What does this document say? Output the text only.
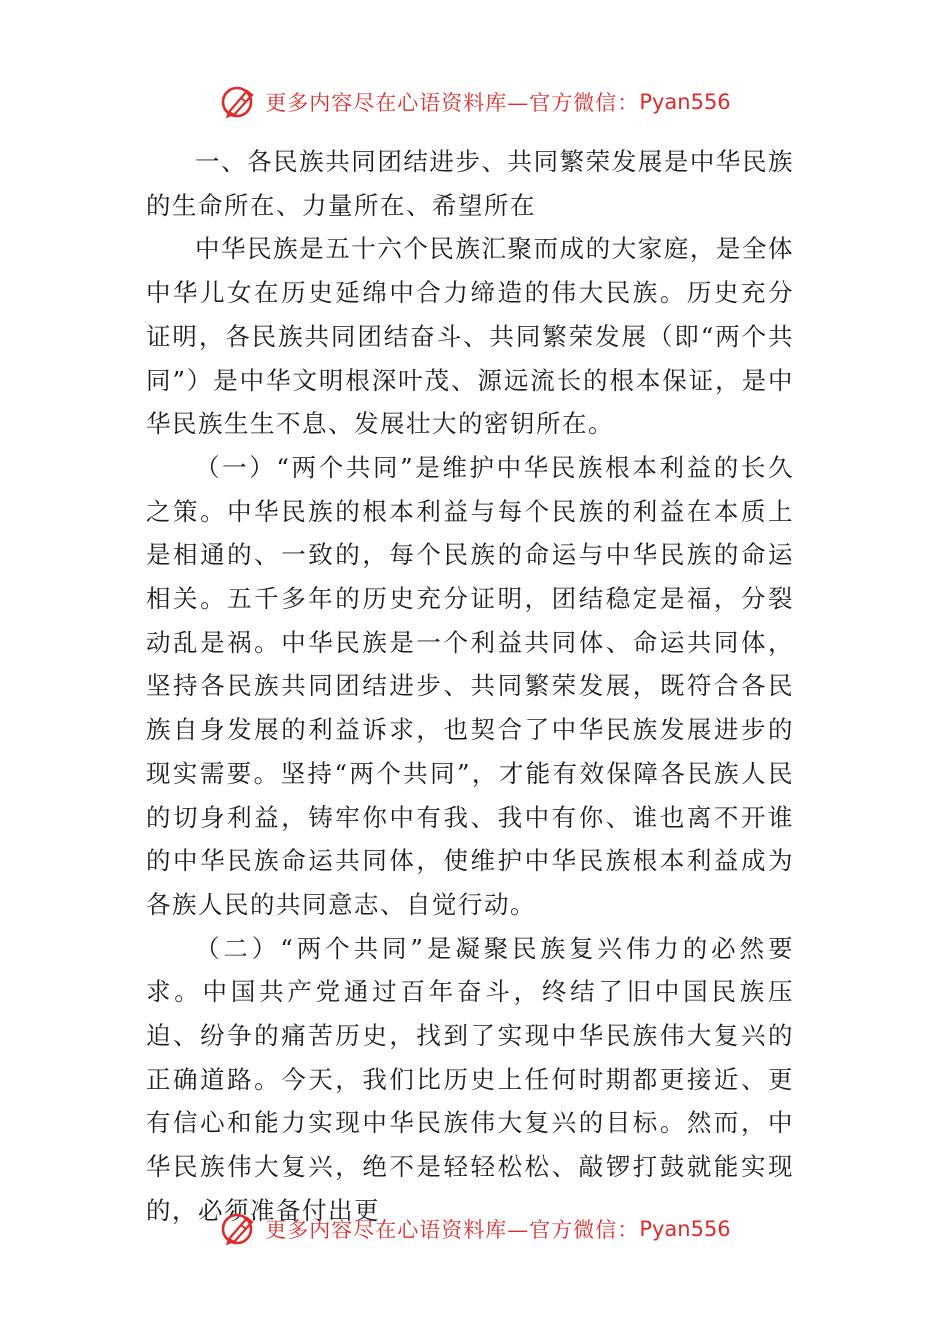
更多内容尽在心语资料库—官方微信： Pyan556

一、各民族共同团结进步、共同繁荣发展是中华民族的生命所在、力量所在、希望所在

中华民族是五十六个民族汇聚而成的大家庭，是全体中华儿女在历史延绵中合力缔造的伟大民族。历史充分证明，各民族共同团结奋斗、共同繁荣发展（即“两个共同”）是中华文明根深叶茂、源远流长的根本保证，是中华民族生生不息、发展壮大的密钥所在。

（一）“两个共同”是维护中华民族根本利益的长久之策。中华民族的根本利益与每个民族的利益在本质上是相通的、一致的，每个民族的命运与中华民族的命运相关。五千多年的历史充分证明，团结稳定是福，分裂动乱是祸。中华民族是一个利益共同体、命运共同体，坚持各民族共同团结进步、共同繁荣发展，既符合各民族自身发展的利益诉求，也契合了中华民族发展进步的现实需要。坚持“两个共同”，才能有效保障各民族人民的切身利益，铸牢你中有我、我中有你、谁也离不开谁的中华民族命运共同体，使维护中华民族根本利益成为各族人民的共同意志、自觉行动。

（二）“两个共同”是凝聚民族复兴伟力的必然要求。中国共产党通过百年奋斗，终结了旧中国民族压迫、纷争的痛苦历史，找到了实现中华民族伟大复兴的正确道路。今天，我们比历史上任何时期都更接近、更有信心和能力实现中华民族伟大复兴的目标。然而，中华民族伟大复兴，绝不是轻轻松松、敲锣打鼓就能实现的，必须准备付出更

更多内容尽在心语资料库—官方微信： Pyan556
